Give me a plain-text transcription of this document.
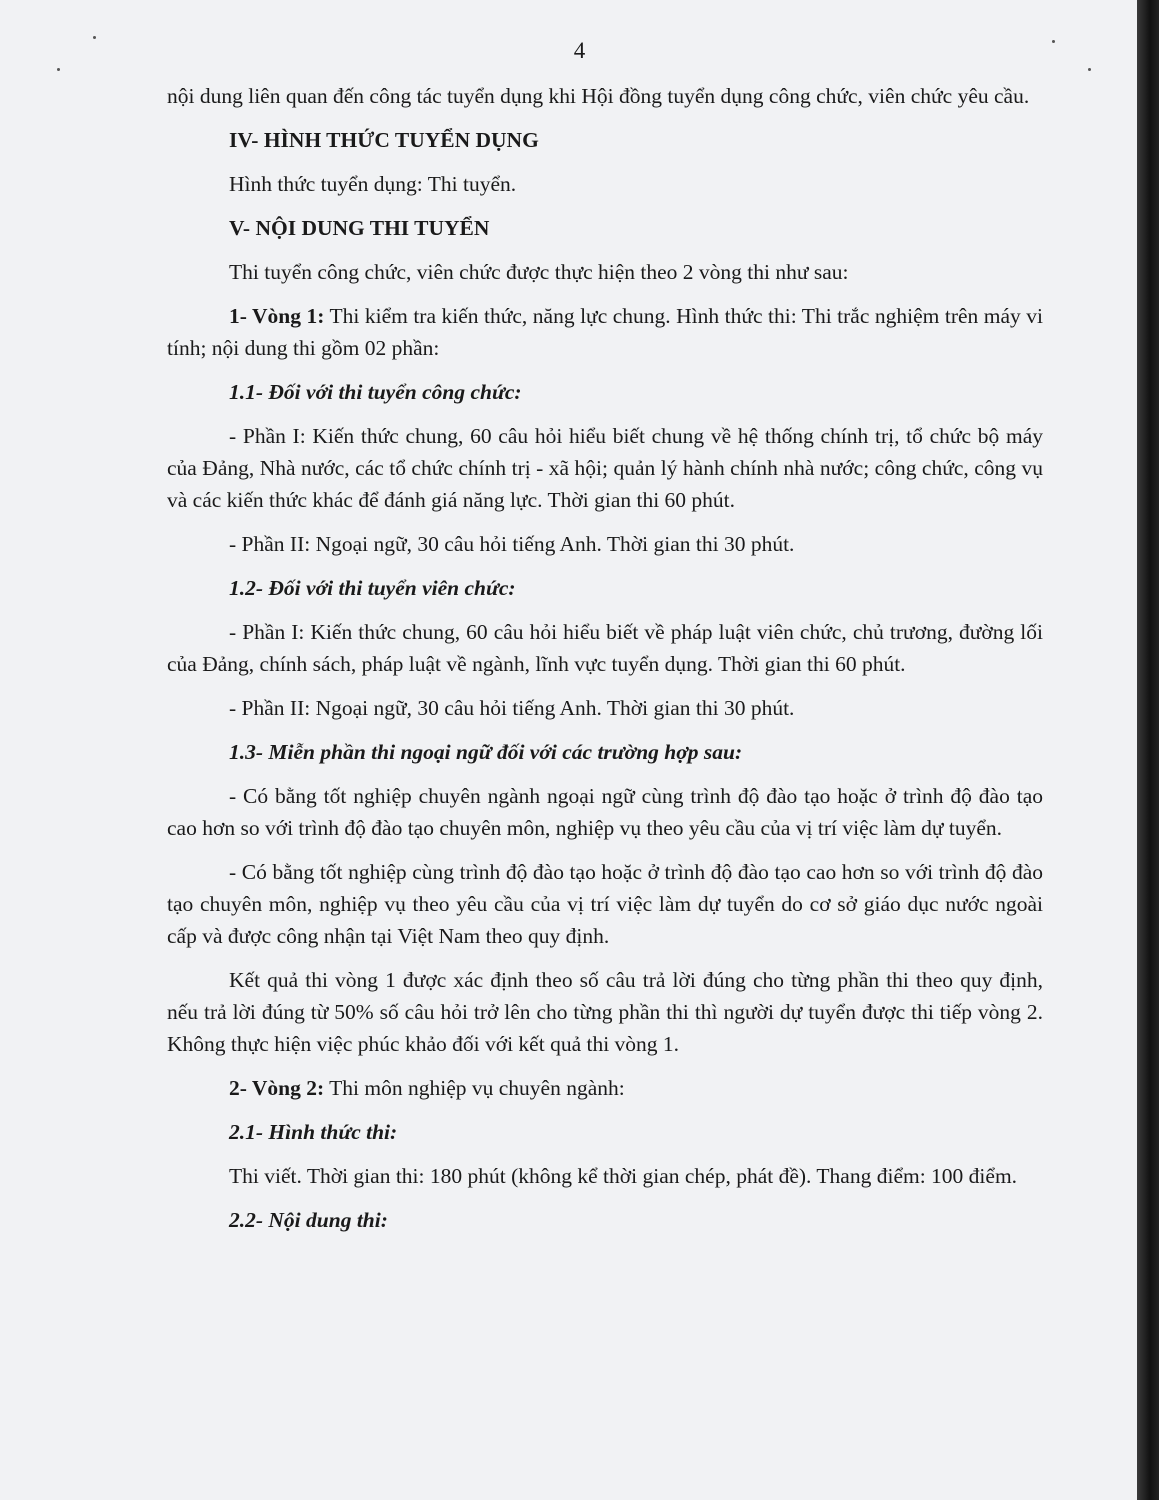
4

nội dung liên quan đến công tác tuyển dụng khi Hội đồng tuyển dụng công chức, viên chức yêu cầu.

IV- HÌNH THỨC TUYỂN DỤNG

Hình thức tuyển dụng: Thi tuyển.

V- NỘI DUNG THI TUYỂN

Thi tuyển công chức, viên chức được thực hiện theo 2 vòng thi như sau:

1- Vòng 1: Thi kiểm tra kiến thức, năng lực chung. Hình thức thi: Thi trắc nghiệm trên máy vi tính; nội dung thi gồm 02 phần:

1.1- Đối với thi tuyển công chức:

- Phần I: Kiến thức chung, 60 câu hỏi hiểu biết chung về hệ thống chính trị, tổ chức bộ máy của Đảng, Nhà nước, các tổ chức chính trị - xã hội; quản lý hành chính nhà nước; công chức, công vụ và các kiến thức khác để đánh giá năng lực. Thời gian thi 60 phút.

- Phần II: Ngoại ngữ, 30 câu hỏi tiếng Anh. Thời gian thi 30 phút.

1.2- Đối với thi tuyển viên chức:

- Phần I: Kiến thức chung, 60 câu hỏi hiểu biết về pháp luật viên chức, chủ trương, đường lối của Đảng, chính sách, pháp luật về ngành, lĩnh vực tuyển dụng. Thời gian thi 60 phút.

- Phần II: Ngoại ngữ, 30 câu hỏi tiếng Anh. Thời gian thi 30 phút.

1.3- Miễn phần thi ngoại ngữ đối với các trường hợp sau:

- Có bằng tốt nghiệp chuyên ngành ngoại ngữ cùng trình độ đào tạo hoặc ở trình độ đào tạo cao hơn so với trình độ đào tạo chuyên môn, nghiệp vụ theo yêu cầu của vị trí việc làm dự tuyển.

- Có bằng tốt nghiệp cùng trình độ đào tạo hoặc ở trình độ đào tạo cao hơn so với trình độ đào tạo chuyên môn, nghiệp vụ theo yêu cầu của vị trí việc làm dự tuyển do cơ sở giáo dục nước ngoài cấp và được công nhận tại Việt Nam theo quy định.

Kết quả thi vòng 1 được xác định theo số câu trả lời đúng cho từng phần thi theo quy định, nếu trả lời đúng từ 50% số câu hỏi trở lên cho từng phần thi thì người dự tuyển được thi tiếp vòng 2. Không thực hiện việc phúc khảo đối với kết quả thi vòng 1.

2- Vòng 2: Thi môn nghiệp vụ chuyên ngành:

2.1- Hình thức thi:

Thi viết. Thời gian thi: 180 phút (không kể thời gian chép, phát đề). Thang điểm: 100 điểm.

2.2- Nội dung thi:
